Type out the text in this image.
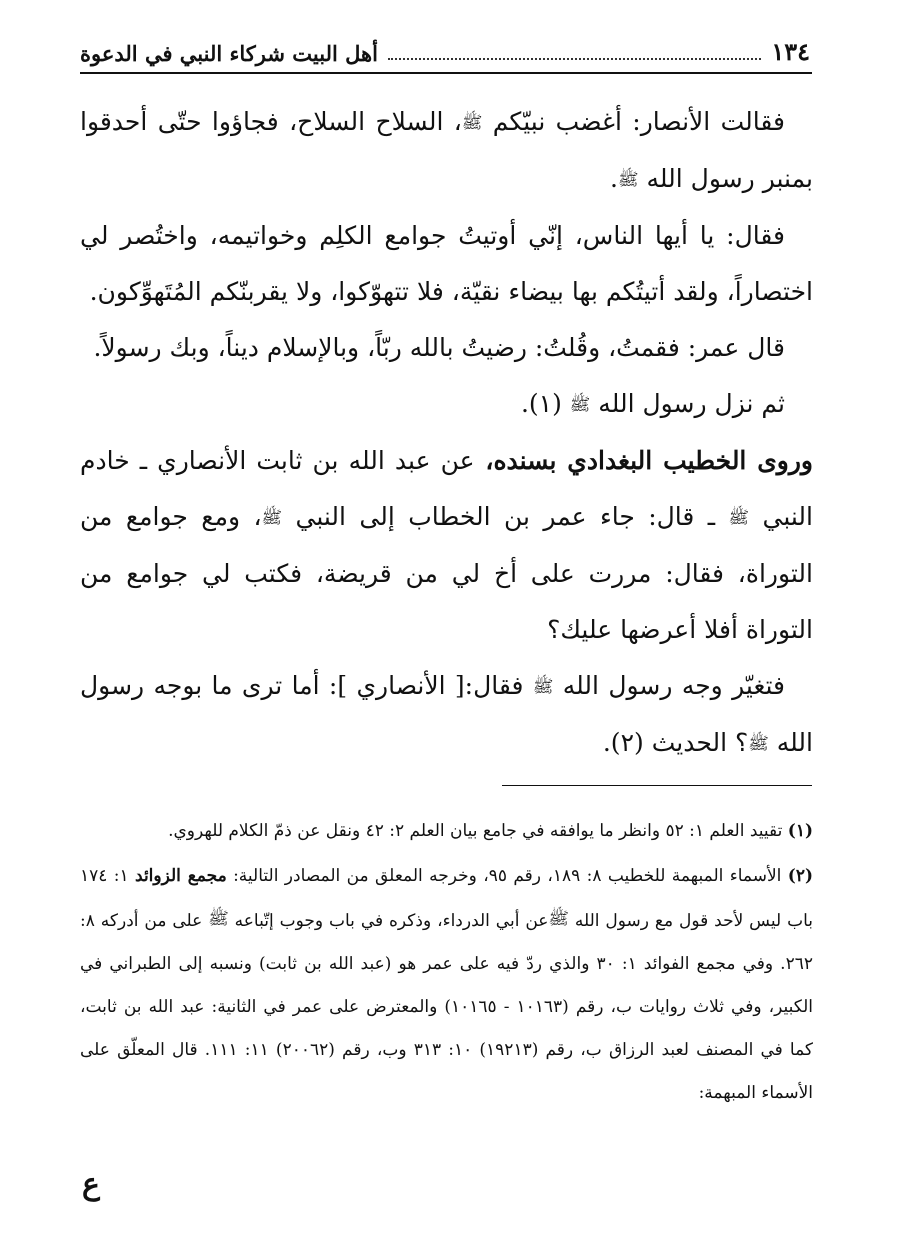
١٣٤
أهل البيت شركاء النبي في الدعوة

فقالت الأنصار: أغضب نبيّكم ﷺ، السلاح السلاح، فجاؤوا حتّى أحدقوا بمنبر رسول الله ﷺ.

فقال: يا أيها الناس، إنّي أوتيتُ جوامع الكلِم وخواتيمه، واختُصر لي اختصاراً، ولقد أتيتُكم بها بيضاء نقيّة، فلا تتهوّكوا، ولا يقربنّكم المُتَهوِّكون.

قال عمر: فقمتُ، وقُلتُ: رضيتُ بالله ربّاً، وبالإسلام ديناً، وبك رسولاً.

ثم نزل رسول الله ﷺ (١).

وروى الخطيب البغدادي بسنده، عن عبد الله بن ثابت الأنصاري ـ خادم النبي ﷺ ـ قال: جاء عمر بن الخطاب إلى النبي ﷺ، ومع جوامع من التوراة، فقال: مررت على أخ لي من قريضة، فكتب لي جوامع من التوراة أفلا أعرضها عليك؟

فتغيّر وجه رسول الله ﷺ فقال:[ الأنصاري ]: أما ترى ما بوجه رسول الله ﷺ؟ الحديث (٢).

(١) تقييد العلم ١: ٥٢ وانظر ما يوافقه في جامع بيان العلم ٢: ٤٢ ونقل عن ذمّ الكلام للهروي.

(٢) الأسماء المبهمة للخطيب ٨: ١٨٩، رقم ٩٥، وخرجه المعلق من المصادر التالية: مجمع الزوائد ١: ١٧٤ باب ليس لأحد قول مع رسول الله ﷺعن أبي الدرداء، وذكره في باب وجوب إتّباعه ﷺ على من أدركه ٨: ٢٦٢. وفي مجمع الفوائد ١: ٣٠ والذي ردّ فيه على عمر هو (عبد الله بن ثابت) ونسبه إلى الطبراني في الكبير، وفي ثلاث روايات ب، رقم (١٠١٦٣ - ١٠١٦٥) والمعترض على عمر في الثانية: عبد الله بن ثابت، كما في المصنف لعبد الرزاق ب، رقم (١٩٢١٣) ١٠: ٣١٣ وب، رقم (٢٠٠٦٢) ١١: ١١١. قال المعلّق على الأسماء المبهمة:

ع
